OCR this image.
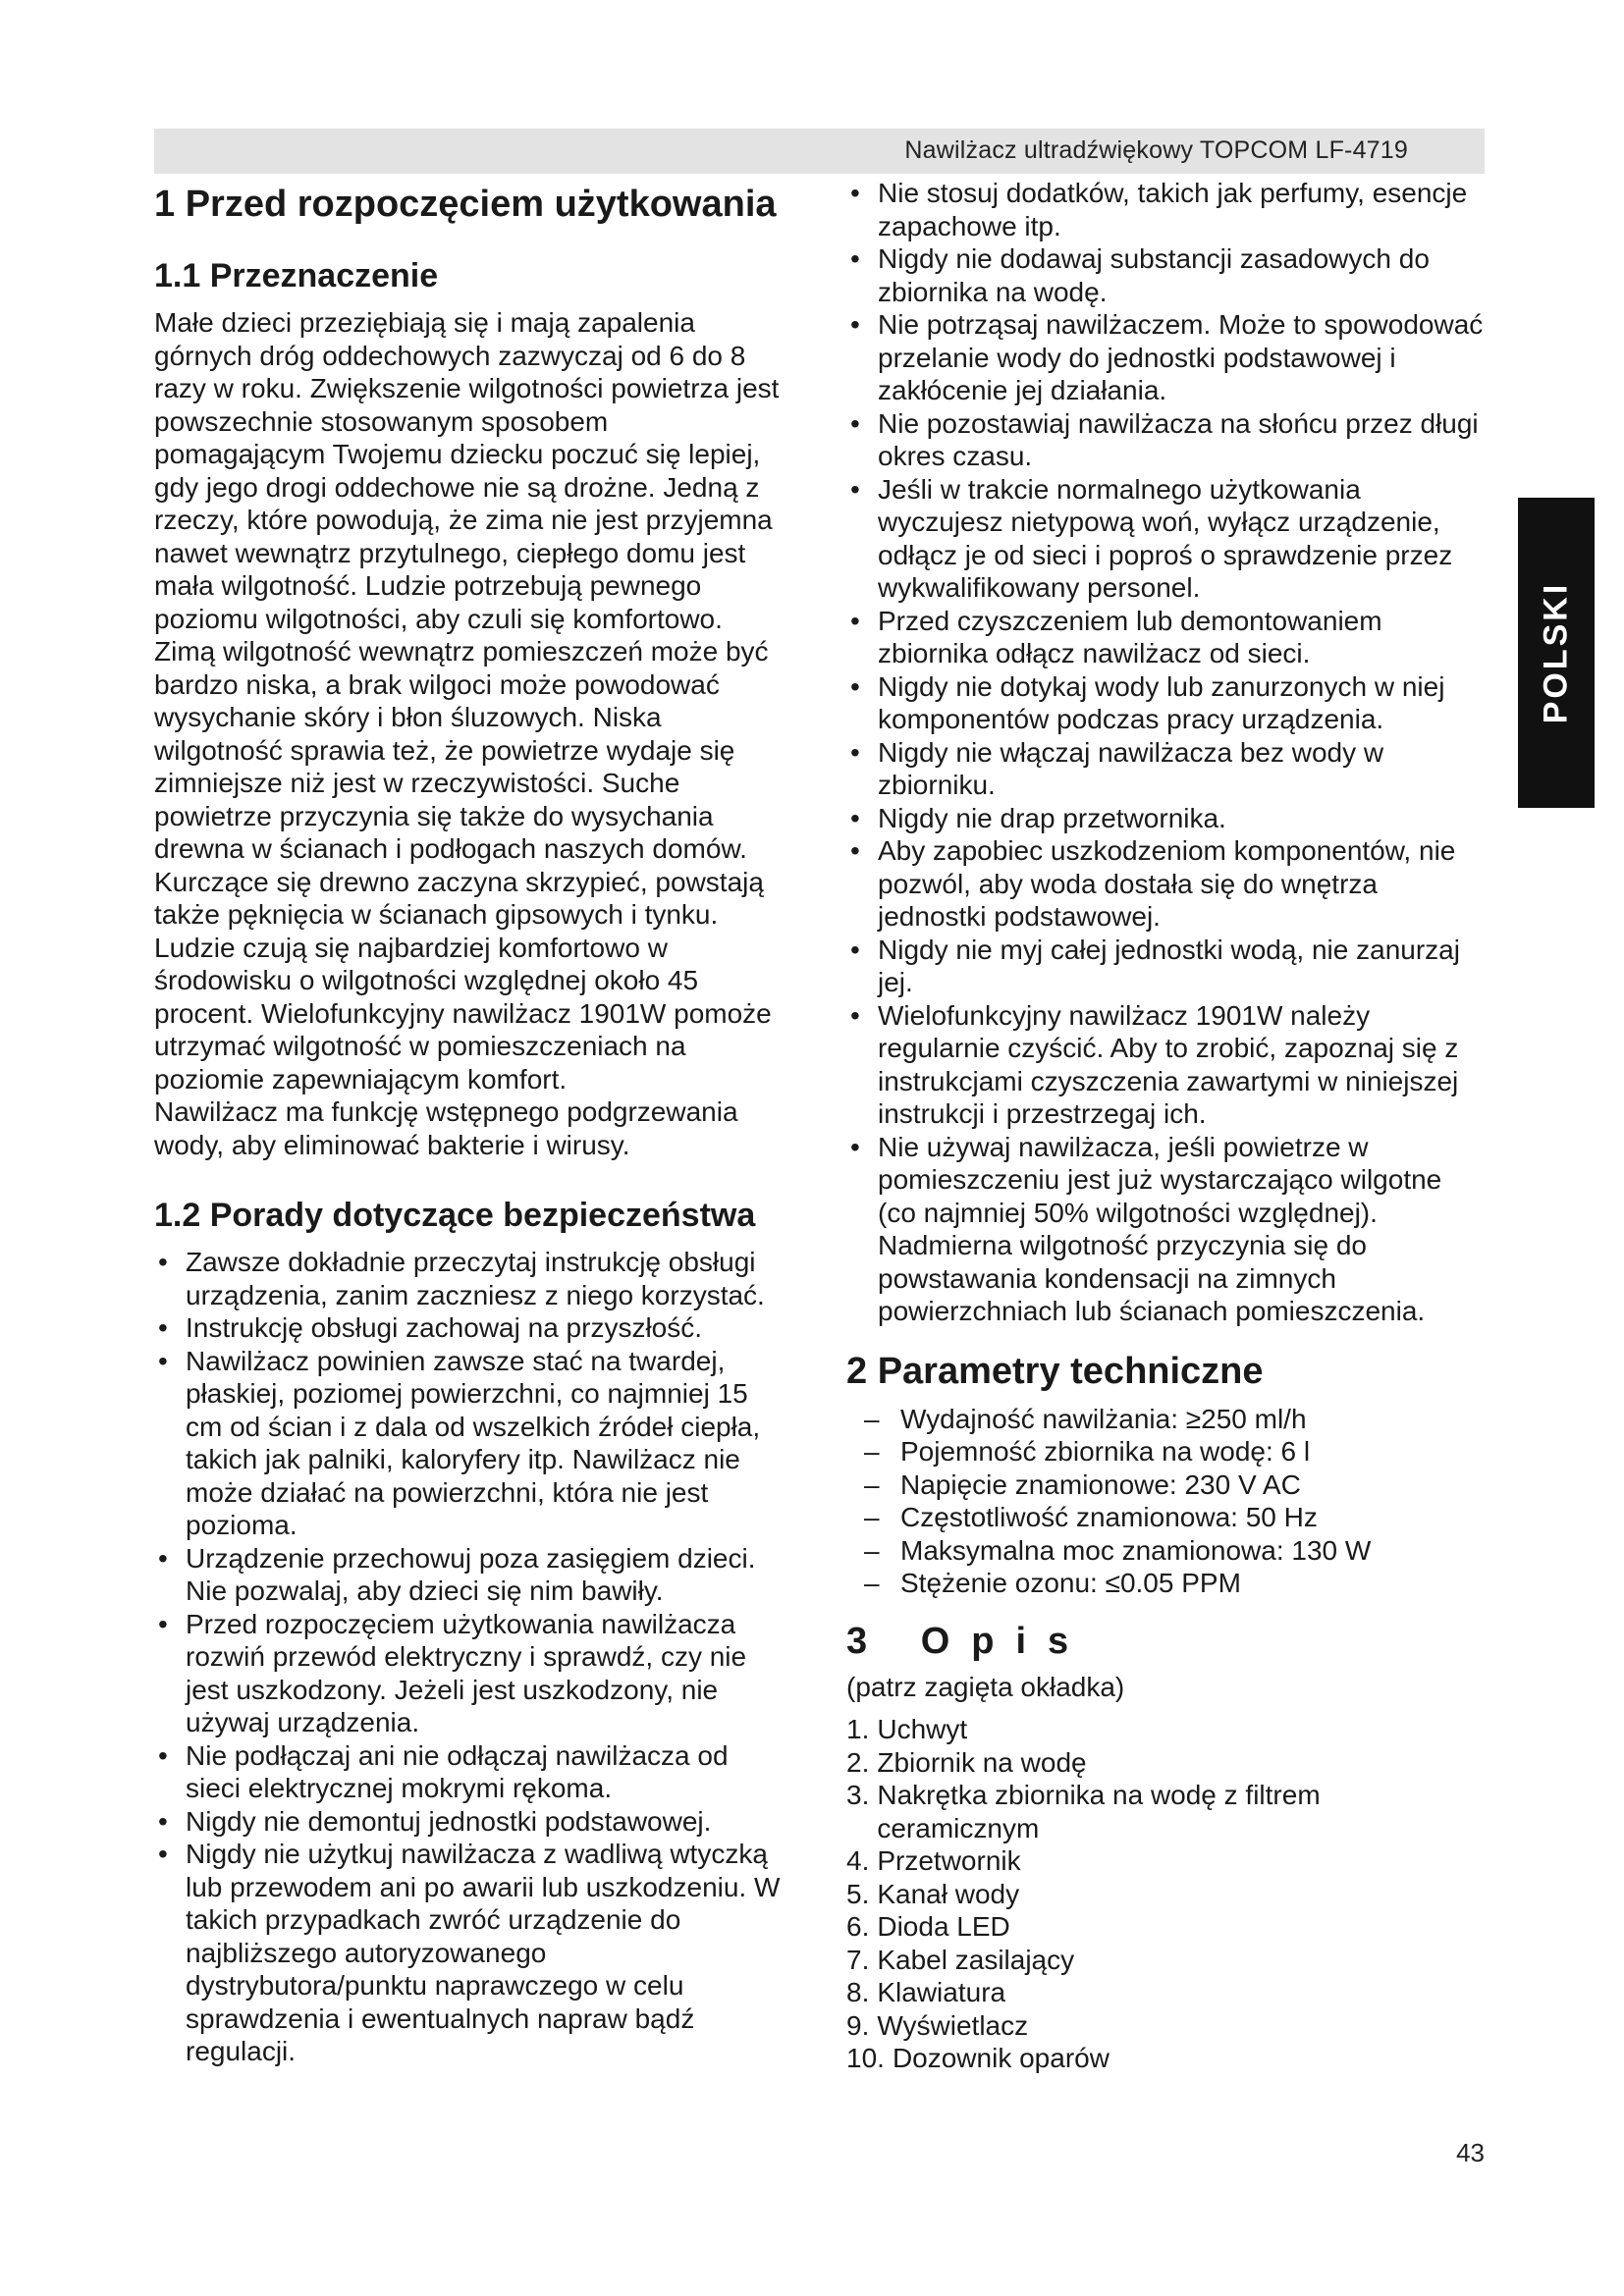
Nawilżacz ultradźwiękowy TOPCOM LF-4719
POLSKI
1 Przed rozpoczęciem użytkowania
1.1 Przeznaczenie

Małe dzieci przeziębiają się i mają zapalenia górnych dróg oddechowych zazwyczaj od 6 do 8 razy w roku. Zwiększenie wilgotności powietrza jest powszechnie stosowanym sposobem pomagającym Twojemu dziecku poczuć się lepiej, gdy jego drogi oddechowe nie są drożne. Jedną z rzeczy, które powodują, że zima nie jest przyjemna nawet wewnątrz przytulnego, ciepłego domu jest mała wilgotność. Ludzie potrzebują pewnego poziomu wilgotności, aby czuli się komfortowo. Zimą wilgotność wewnątrz pomieszczeń może być bardzo niska, a brak wilgoci może powodować wysychanie skóry i błon śluzowych. Niska wilgotność sprawia też, że powietrze wydaje się zimniejsze niż jest w rzeczywistości. Suche powietrze przyczynia się także do wysychania drewna w ścianach i podłogach naszych domów. Kurczące się drewno zaczyna skrzypieć, powstają także pęknięcia w ścianach gipsowych i tynku.

Ludzie czują się najbardziej komfortowo w środowisku o wilgotności względnej około 45 procent. Wielofunkcyjny nawilżacz 1901W pomoże utrzymać wilgotność w pomieszczeniach na poziomie zapewniającym komfort.

Nawilżacz ma funkcję wstępnego podgrzewania wody, aby eliminować bakterie i wirusy.

1.2 Porady dotyczące bezpieczeństwa
• Zawsze dokładnie przeczytaj instrukcję obsługi urządzenia, zanim zaczniesz z niego korzystać.
• Instrukcję obsługi zachowaj na przyszłość.
• Nawilżacz powinien zawsze stać na twardej, płaskiej, poziomej powierzchni, co najmniej 15 cm od ścian i z dala od wszelkich źródeł ciepła, takich jak palniki, kaloryfery itp. Nawilżacz nie może działać na powierzchni, która nie jest pozioma.
• Urządzenie przechowuj poza zasięgiem dzieci. Nie pozwalaj, aby dzieci się nim bawiły.
• Przed rozpoczęciem użytkowania nawilżacza rozwiń przewód elektryczny i sprawdź, czy nie jest uszkodzony. Jeżeli jest uszkodzony, nie używaj urządzenia.
• Nie podłączaj ani nie odłączaj nawilżacza od sieci elektrycznej mokrymi rękoma.
• Nigdy nie demontuj jednostki podstawowej.
• Nigdy nie użytkuj nawilżacza z wadliwą wtyczką lub przewodem ani po awarii lub uszkodzeniu. W takich przypadkach zwróć urządzenie do najbliższego autoryzowanego dystrybutora/punktu naprawczego w celu sprawdzenia i ewentualnych napraw bądź regulacji.
• Nie stosuj dodatków, takich jak perfumy, esencje zapachowe itp.
• Nigdy nie dodawaj substancji zasadowych do zbiornika na wodę.
• Nie potrząsaj nawilżaczem. Może to spowodować przelanie wody do jednostki podstawowej i zakłócenie jej działania.
• Nie pozostawiaj nawilżacza na słońcu przez długi okres czasu.
• Jeśli w trakcie normalnego użytkowania wyczujesz nietypową woń, wyłącz urządzenie, odłącz je od sieci i poproś o sprawdzenie przez wykwalifikowany personel.
• Przed czyszczeniem lub demontowaniem zbiornika odłącz nawilżacz od sieci.
• Nigdy nie dotykaj wody lub zanurzonych w niej komponentów podczas pracy urządzenia.
• Nigdy nie włączaj nawilżacza bez wody w zbiorniku.
• Nigdy nie drap przetwornika.
• Aby zapobiec uszkodzeniom komponentów, nie pozwól, aby woda dostała się do wnętrza jednostki podstawowej.
• Nigdy nie myj całej jednostki wodą, nie zanurzaj jej.
• Wielofunkcyjny nawilżacz 1901W należy regularnie czyścić. Aby to zrobić, zapoznaj się z instrukcjami czyszczenia zawartymi w niniejszej instrukcji i przestrzegaj ich.
• Nie używaj nawilżacza, jeśli powietrze w pomieszczeniu jest już wystarczająco wilgotne (co najmniej 50% wilgotności względnej). Nadmierna wilgotność przyczynia się do powstawania kondensacji na zimnych powierzchniach lub ścianach pomieszczenia.
2 Parametry techniczne
– Wydajność nawilżania: ≥250 ml/h
– Pojemność zbiornika na wodę: 6 l
– Napięcie znamionowe: 230 V AC
– Częstotliwość znamionowa: 50 Hz
– Maksymalna moc znamionowa: 130 W
– Stężenie ozonu: ≤0.05 PPM
3 Opis

(patrz zagięta okładka)

1. Uchwyt
2. Zbiornik na wodę
3. Nakrętka zbiornika na wodę z filtrem ceramicznym
4. Przetwornik
5. Kanał wody
6. Dioda LED
7. Kabel zasilający
8. Klawiatura
9. Wyświetlacz
10. Dozownik oparów
43
